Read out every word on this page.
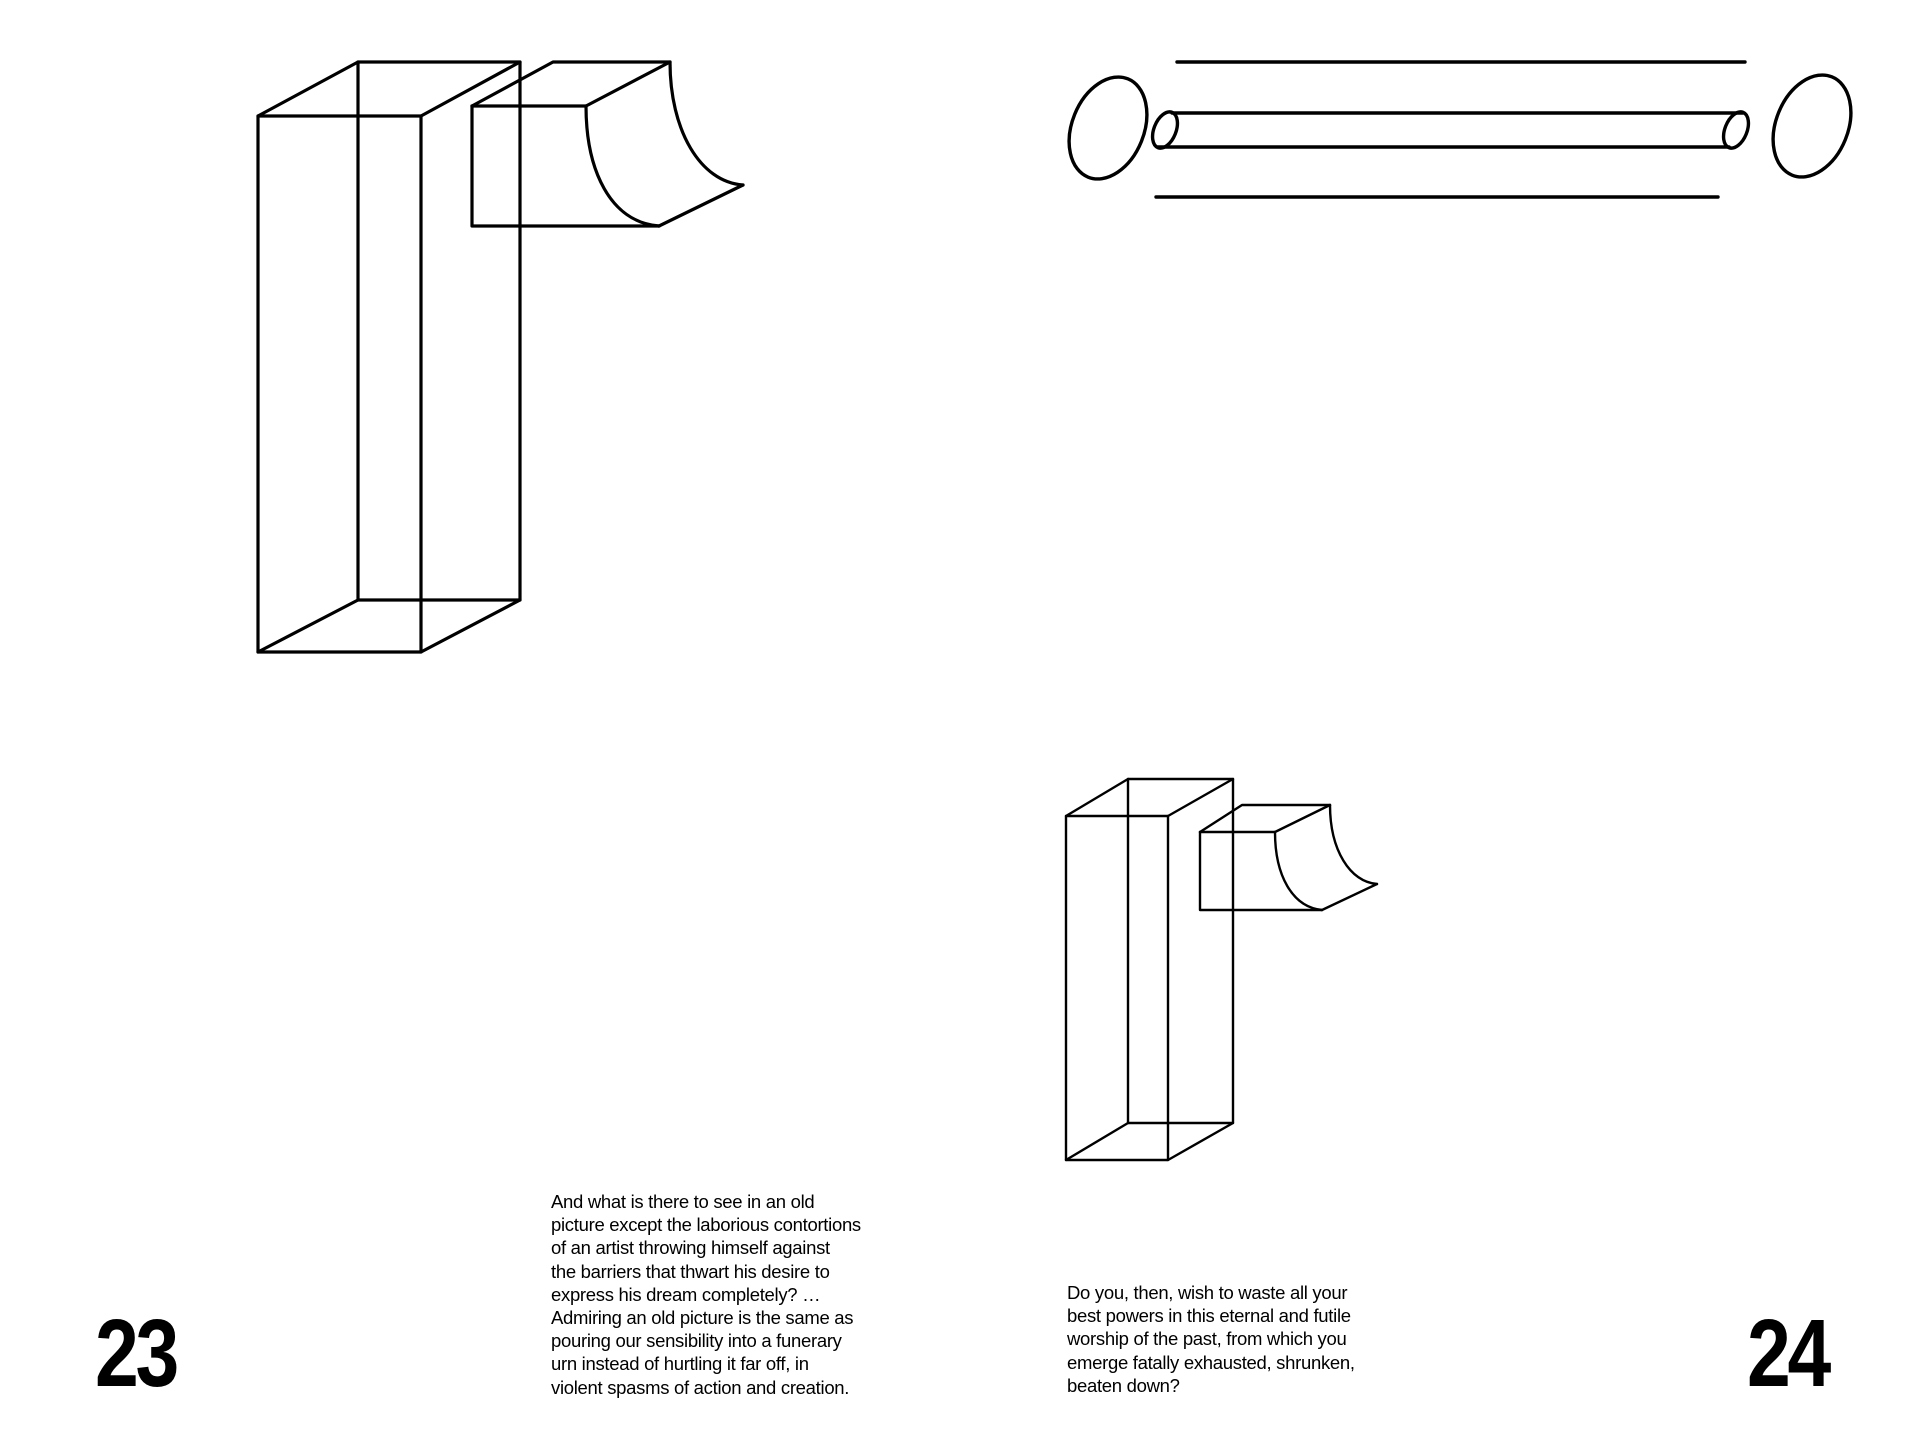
And what is there to see in an old
picture except the laborious contortions
of an artist throwing himself against
the barriers that thwart his desire to
express his dream completely? …
Admiring an old picture is the same as
pouring our sensibility into a funerary
urn instead of hurtling it far off, in
violent spasms of action and creation.
23
Do you, then, wish to waste all your
best powers in this eternal and futile
worship of the past, from which you
emerge fatally exhausted, shrunken,
beaten down?	24
